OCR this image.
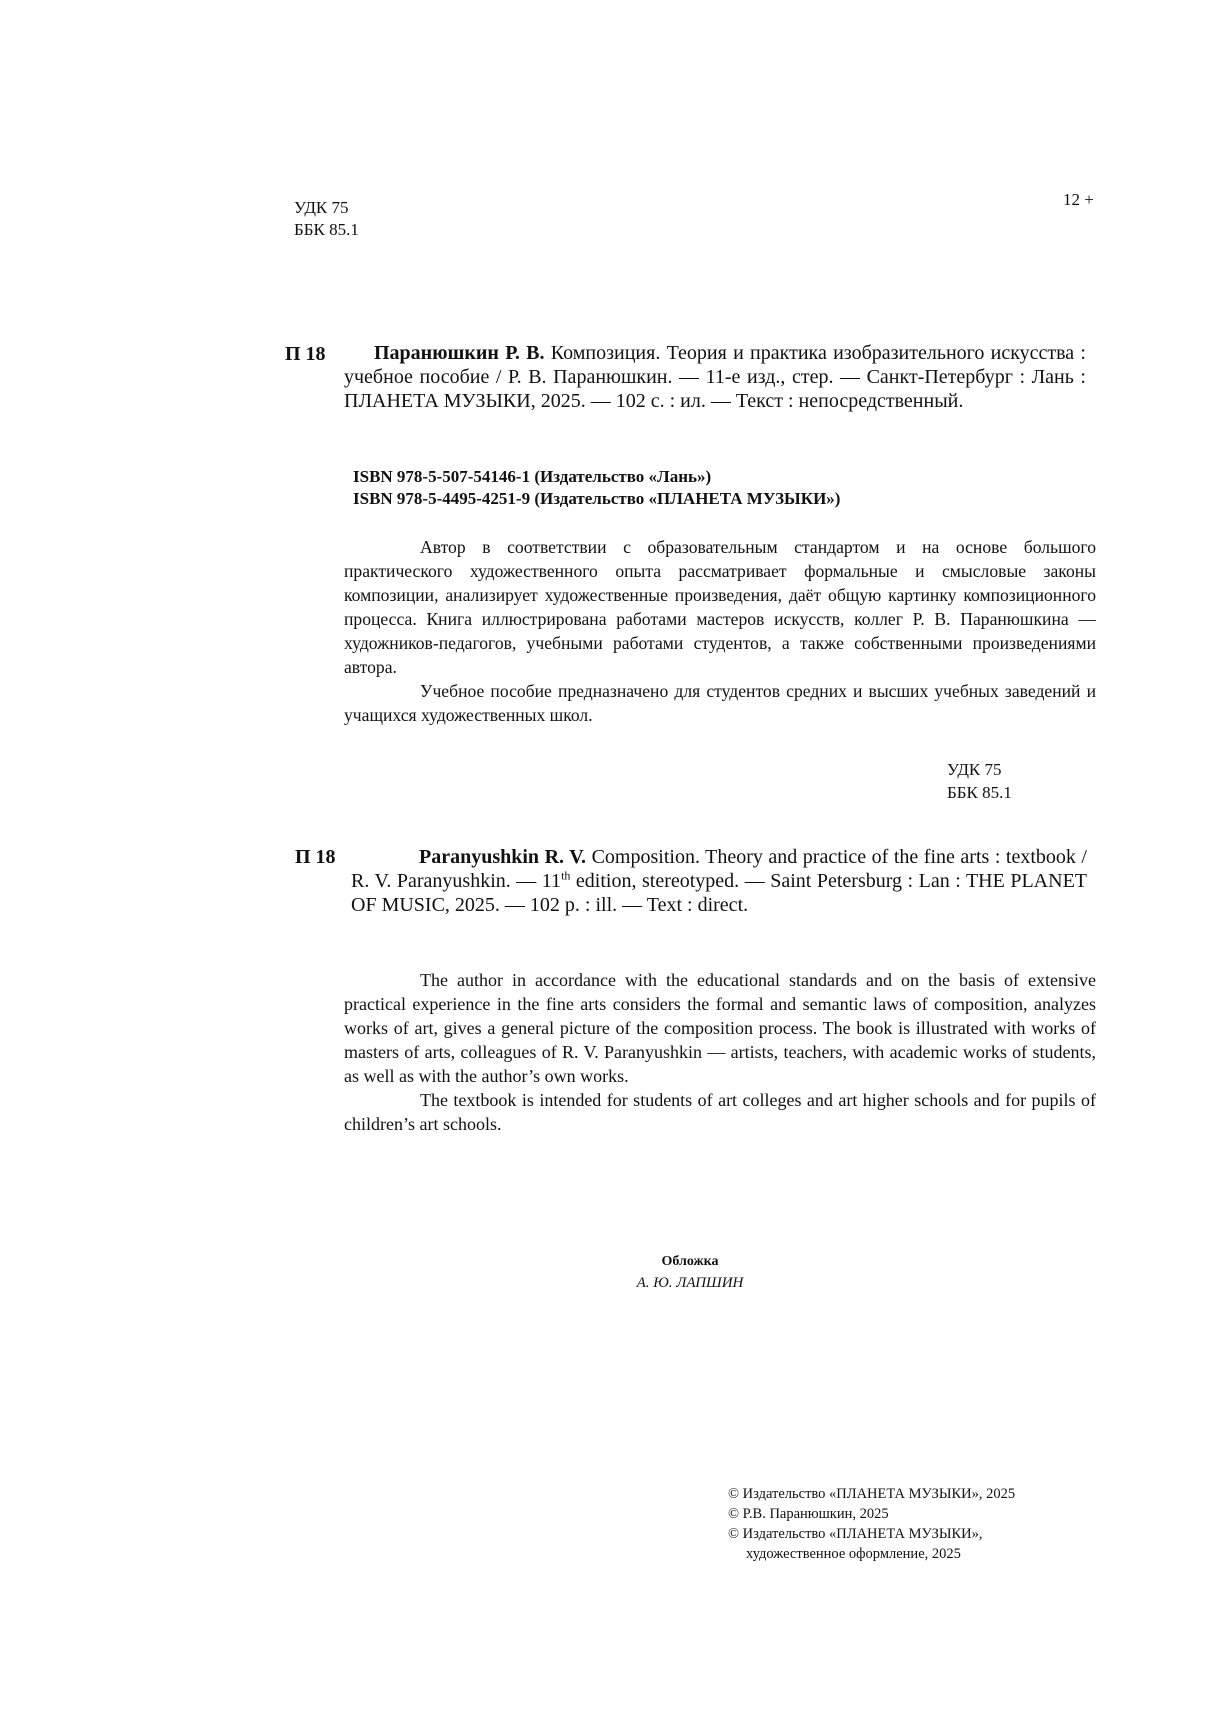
УДК 75
ББК 85.1
12 +
П 18	Паранюшкин Р. В. Композиция. Теория и практика изобразительного искусства : учебное пособие / Р. В. Паранюшкин. — 11-е изд., стер. — Санкт-Петербург : Лань : ПЛАНЕТА МУЗЫКИ, 2025. — 102 с. : ил. — Текст : непосредственный.
ISBN 978-5-507-54146-1 (Издательство «Лань»)
ISBN 978-5-4495-4251-9 (Издательство «ПЛАНЕТА МУЗЫКИ»)

Автор в соответствии с образовательным стандартом и на основе большого практического художественного опыта рассматривает формальные и смысловые законы композиции, анализирует художественные произведения, даёт общую картинку композиционного процесса. Книга иллюстрирована работами мастеров искусств, коллег Р. В. Паранюшкина — художников-педагогов, учебными работами студентов, а также собственными произведениями автора.

Учебное пособие предназначено для студентов средних и высших учебных заведений и учащихся художественных школ.

УДК 75
ББК 85.1
П 18	Paranyushkin R. V. Composition. Theory and practice of the fine arts : textbook / R. V. Paranyushkin. — 11th edition, stereotyped. — Saint Petersburg : Lan : THE PLANET OF MUSIC, 2025. — 102 p. : ill. — Text : direct.

The author in accordance with the educational standards and on the basis of extensive practical experience in the fine arts considers the formal and semantic laws of composition, analyzes works of art, gives a general picture of the composition process. The book is illustrated with works of masters of arts, colleagues of R. V. Paranyushkin — artists, teachers, with academic works of students, as well as with the author’s own works.

The textbook is intended for students of art colleges and art higher schools and for pupils of children’s art schools.

Обложка
А. Ю. ЛАПШИН
© Издательство «ПЛАНЕТА МУЗЫКИ», 2025
© Р.В. Паранюшкин, 2025
© Издательство «ПЛАНЕТА МУЗЫКИ»,
художественное оформление, 2025
